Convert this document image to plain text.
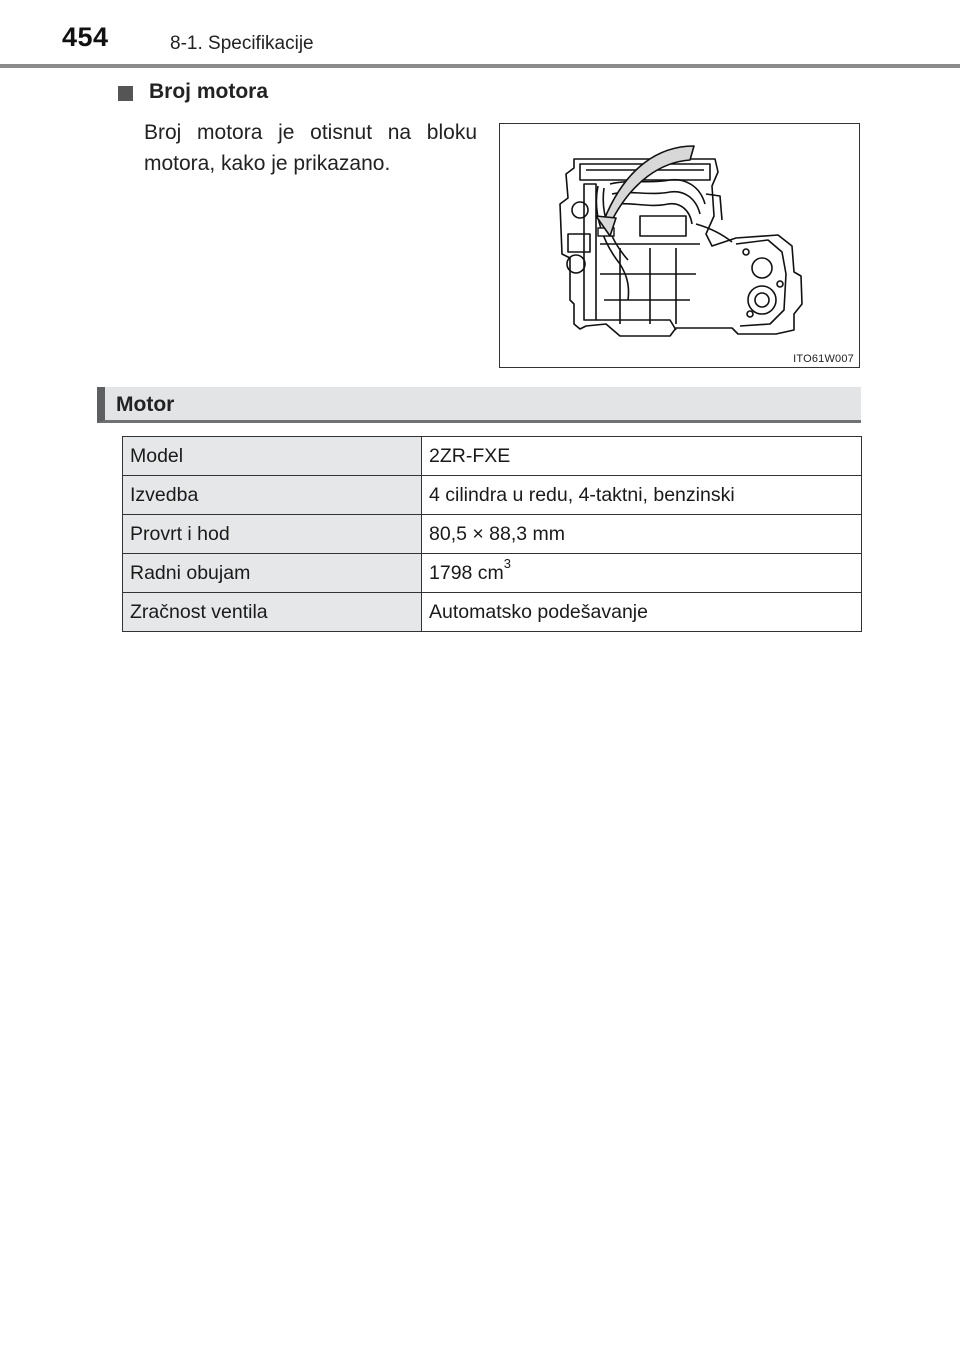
454	8-1. Specifikacije
Broj motora
Broj motora je otisnut na bloku motora, kako je prikazano.
ITO61W007
Motor
Model	2ZR-FXE
Izvedba	4 cilindra u redu, 4-taktni, benzinski
Provrt i hod	80,5 × 88,3 mm
Radni obujam	1798 $cm^3$
Zračnost ventila	Automatsko podešavanje
